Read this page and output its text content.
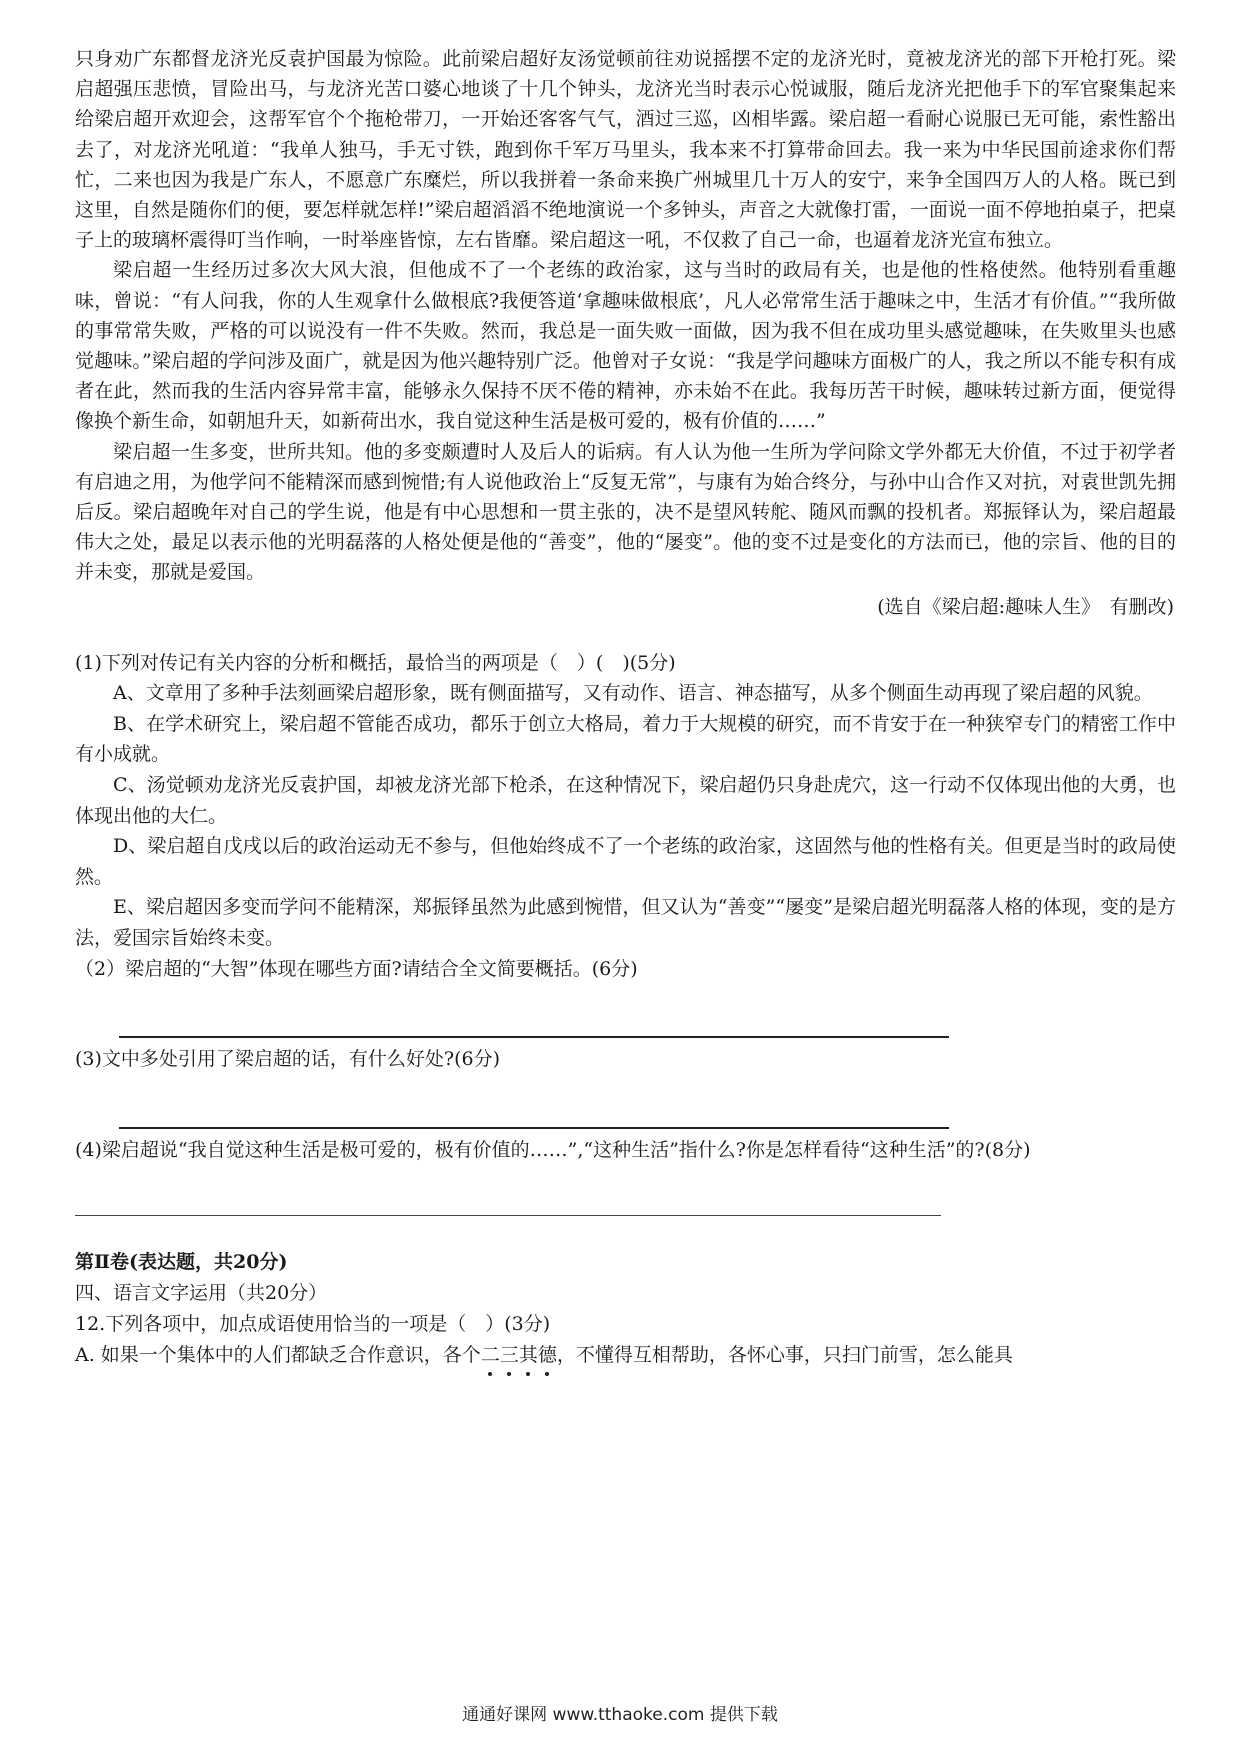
只身劝广东都督龙济光反袁护国最为惊险。此前梁启超好友汤觉顿前往劝说摇摆不定的龙济光时，竟被龙济光的部下开枪打死。梁启超强压悲愤，冒险出马，与龙济光苦口婆心地谈了十几个钟头，龙济光当时表示心悦诚服，随后龙济光把他手下的军官聚集起来给梁启超开欢迎会，这帮军官个个拖枪带刀，一开始还客客气气，酒过三巡，凶相毕露。梁启超一看耐心说服已无可能，索性豁出去了，对龙济光吼道：“我单人独马，手无寸铁，跑到你千军万马里头，我本来不打算带命回去。我一来为中华民国前途求你们帮忙，二来也因为我是广东人，不愿意广东糜烂，所以我拼着一条命来换广州城里几十万人的安宁，来争全国四万人的人格。既已到这里，自然是随你们的便，要怎样就怎样!”梁启超滔滔不绝地演说一个多钟头，声音之大就像打雷，一面说一面不停地拍桌子，把桌子上的玻璃杯震得叮当作响，一时举座皆惊，左右皆靡。梁启超这一吼，不仅救了自己一命，也逼着龙济光宣布独立。

梁启超一生经历过多次大风大浪，但他成不了一个老练的政治家，这与当时的政局有关，也是他的性格使然。他特别看重趣味，曾说：“有人问我，你的人生观拿什么做根底?我便答道‘拿趣味做根底’，凡人必常常生活于趣味之中，生活才有价值。”“我所做的事常常失败，严格的可以说没有一件不失败。然而，我总是一面失败一面做，因为我不但在成功里头感觉趣味，在失败里头也感觉趣味。”梁启超的学问涉及面广，就是因为他兴趣特别广泛。他曾对子女说：“我是学问趣味方面极广的人，我之所以不能专积有成者在此，然而我的生活内容异常丰富，能够永久保持不厌不倦的精神，亦未始不在此。我每历苦干时候，趣味转过新方面，便觉得像换个新生命，如朝旭升天，如新荷出水，我自觉这种生活是极可爱的，极有价值的……”

梁启超一生多变，世所共知。他的多变颇遭时人及后人的诟病。有人认为他一生所为学问除文学外都无大价值，不过于初学者有启迪之用，为他学问不能精深而感到惋惜;有人说他政治上“反复无常”，与康有为始合终分，与孙中山合作又对抗，对袁世凯先拥后反。梁启超晚年对自己的学生说，他是有中心思想和一贯主张的，决不是望风转舵、随风而飘的投机者。郑振铎认为，梁启超最伟大之处，最足以表示他的光明磊落的人格处便是他的“善变”，他的“屡变”。他的变不过是变化的方法而已，他的宗旨、他的目的并未变，那就是爱国。

(选自《梁启超:趣味人生》　有删改)

(1)下列对传记有关内容的分析和概括，最恰当的两项是（　）(　)(5分)

A、文章用了多种手法刻画梁启超形象，既有侧面描写，又有动作、语言、神态描写，从多个侧面生动再现了梁启超的风貌。

B、在学术研究上，梁启超不管能否成功，都乐于创立大格局，着力于大规模的研究，而不肯安于在一种狭窄专门的精密工作中有小成就。

C、汤觉顿劝龙济光反袁护国，却被龙济光部下枪杀，在这种情况下，梁启超仍只身赴虎穴，这一行动不仅体现出他的大勇，也体现出他的大仁。

D、梁启超自戊戌以后的政治运动无不参与，但他始终成不了一个老练的政治家，这固然与他的性格有关。但更是当时的政局使然。

E、梁启超因多变而学问不能精深，郑振铎虽然为此感到惋惜，但又认为“善变”“屡变”是梁启超光明磊落人格的体现，变的是方法，爱国宗旨始终未变。

（2）梁启超的“大智”体现在哪些方面?请结合全文简要概括。(6分)

(3)文中多处引用了梁启超的话，有什么好处?(6分)

(4)梁启超说“我自觉这种生活是极可爱的，极有价值的……”,“这种生活”指什么?你是怎样看待“这种生活”的?(8分)

第Ⅱ卷(表达题，共20分)

四、语言文字运用（共20分）

12.下列各项中，加点成语使用恰当的一项是（　）(3分)

A. 如果一个集体中的人们都缺乏合作意识，各个二三其德
，不懂得互相帮助，各怀心事，只扫门前雪，怎么能具

通通好课网 www.tthaoke.com 提供下载
